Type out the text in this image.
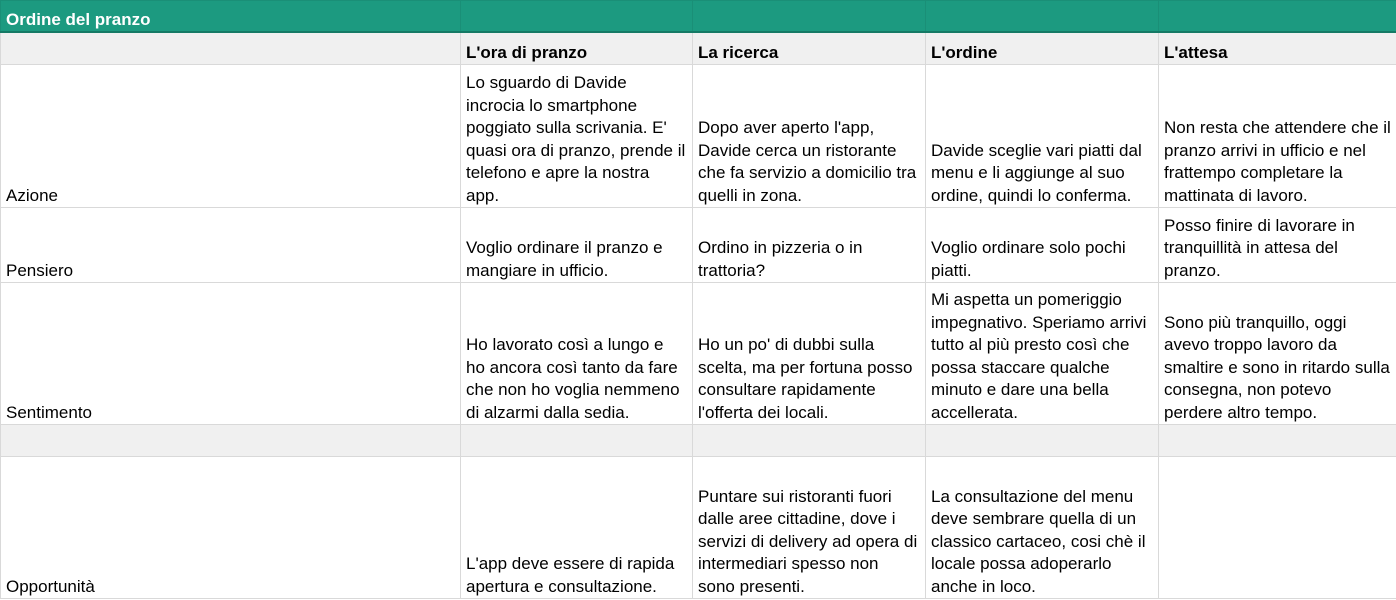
Ordine del pranzo				
	L'ora di pranzo	La ricerca	L'ordine	L'attesa
Azione	Lo sguardo di Davide incrocia lo smartphone poggiato sulla scrivania. E' quasi ora di pranzo, prende il telefono e apre la nostra app.	Dopo aver aperto l'app, Davide cerca un ristorante che fa servizio a domicilio tra quelli in zona.	Davide sceglie vari piatti dal menu e li aggiunge al suo ordine, quindi lo conferma.	Non resta che attendere che il pranzo arrivi in ufficio e nel frattempo completare la mattinata di lavoro.
Pensiero	Voglio ordinare il pranzo e mangiare in ufficio.	Ordino in pizzeria o in trattoria?	Voglio ordinare solo pochi piatti.	Posso finire di lavorare in tranquillità in attesa del pranzo.
Sentimento	Ho lavorato così a lungo e ho ancora così tanto da fare che non ho voglia nemmeno di alzarmi dalla sedia.	Ho un po' di dubbi sulla scelta, ma per fortuna posso consultare rapidamente l'offerta dei locali.	Mi aspetta un pomeriggio impegnativo. Speriamo arrivi tutto al più presto così che possa staccare qualche minuto e dare una bella accellerata.	Sono più tranquillo, oggi avevo troppo lavoro da smaltire e sono in ritardo sulla consegna, non potevo perdere altro tempo.

Opportunità	L'app deve essere di rapida apertura e consultazione.	Puntare sui ristoranti fuori dalle aree cittadine, dove i servizi di delivery ad opera di intermediari spesso non sono presenti.	La consultazione del menu deve sembrare quella di un classico cartaceo, cosi chè il locale possa adoperarlo anche in loco.	
